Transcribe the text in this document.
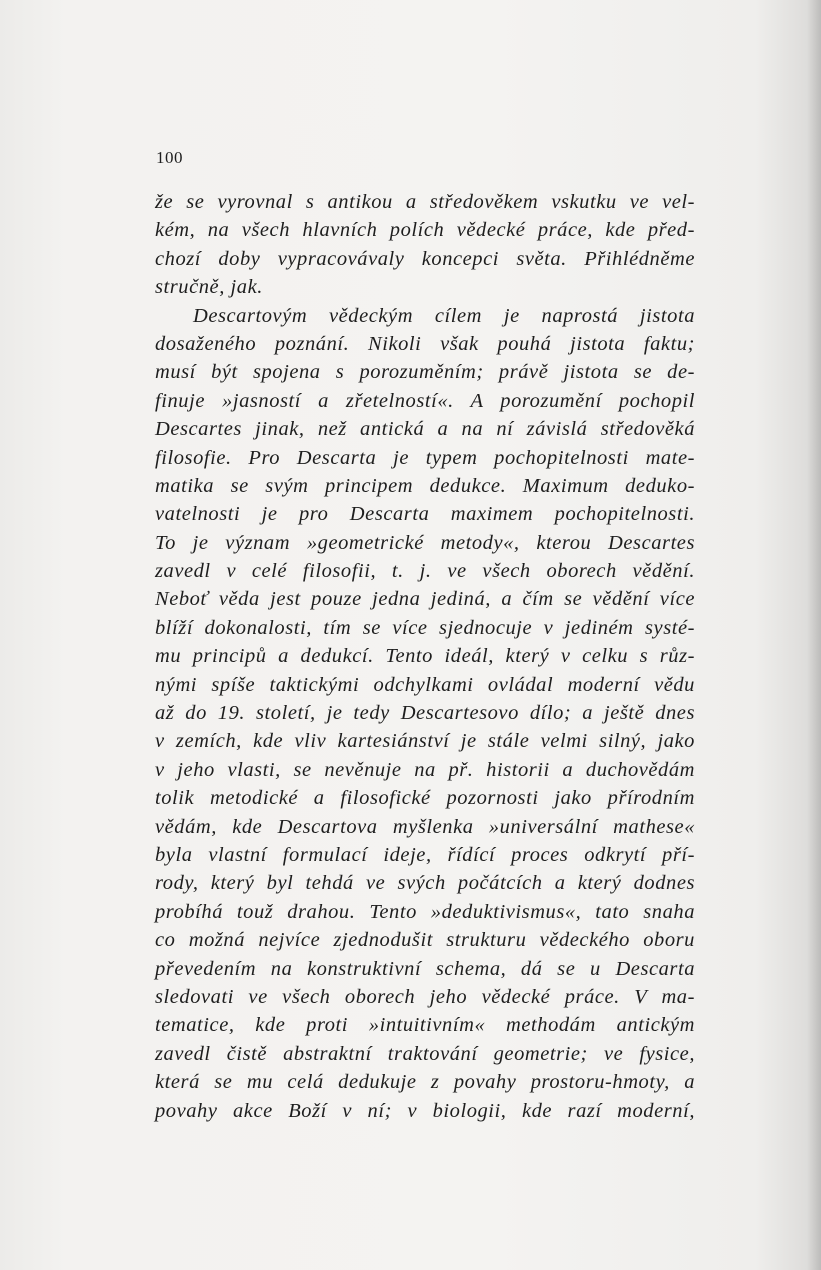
100
že se vyrovnal s antikou a středověkem vskutku ve vel-
kém, na všech hlavních polích vědecké práce, kde před-
chozí doby vypracovávaly koncepci světa. Přihlédněme
stručně, jak.
Descartovým vědeckým cílem je naprostá jistota
dosaženého poznání. Nikoli však pouhá jistota faktu;
musí být spojena s porozuměním; právě jistota se de-
finuje »jasností a zřetelností«. A porozumění pochopil
Descartes jinak, než antická a na ní závislá středověká
filosofie. Pro Descarta je typem pochopitelnosti mate-
matika se svým principem dedukce. Maximum deduko-
vatelnosti je pro Descarta maximem pochopitelnosti.
To je význam »geometrické metody«, kterou Descartes
zavedl v celé filosofii, t. j. ve všech oborech vědění.
Neboť věda jest pouze jedna jediná, a čím se vědění více
blíží dokonalosti, tím se více sjednocuje v jediném systé-
mu principů a dedukcí. Tento ideál, který v celku s růz-
nými spíše taktickými odchylkami ovládal moderní vědu
až do 19. století, je tedy Descartesovo dílo; a ještě dnes
v zemích, kde vliv kartesiánství je stále velmi silný, jako
v jeho vlasti, se nevěnuje na př. historii a duchovědám
tolik metodické a filosofické pozornosti jako přírodním
vědám, kde Descartova myšlenka »universální mathese«
byla vlastní formulací ideje, řídící proces odkrytí pří-
rody, který byl tehdá ve svých počátcích a který dodnes
probíhá touž drahou. Tento »deduktivismus«, tato snaha
co možná nejvíce zjednodušit strukturu vědeckého oboru
převedením na konstruktivní schema, dá se u Descarta
sledovati ve všech oborech jeho vědecké práce. V ma-
tematice, kde proti »intuitivním« methodám antickým
zavedl čistě abstraktní traktování geometrie; ve fysice,
která se mu celá dedukuje z povahy prostoru-hmoty, a
povahy akce Boží v ní; v biologii, kde razí moderní,
